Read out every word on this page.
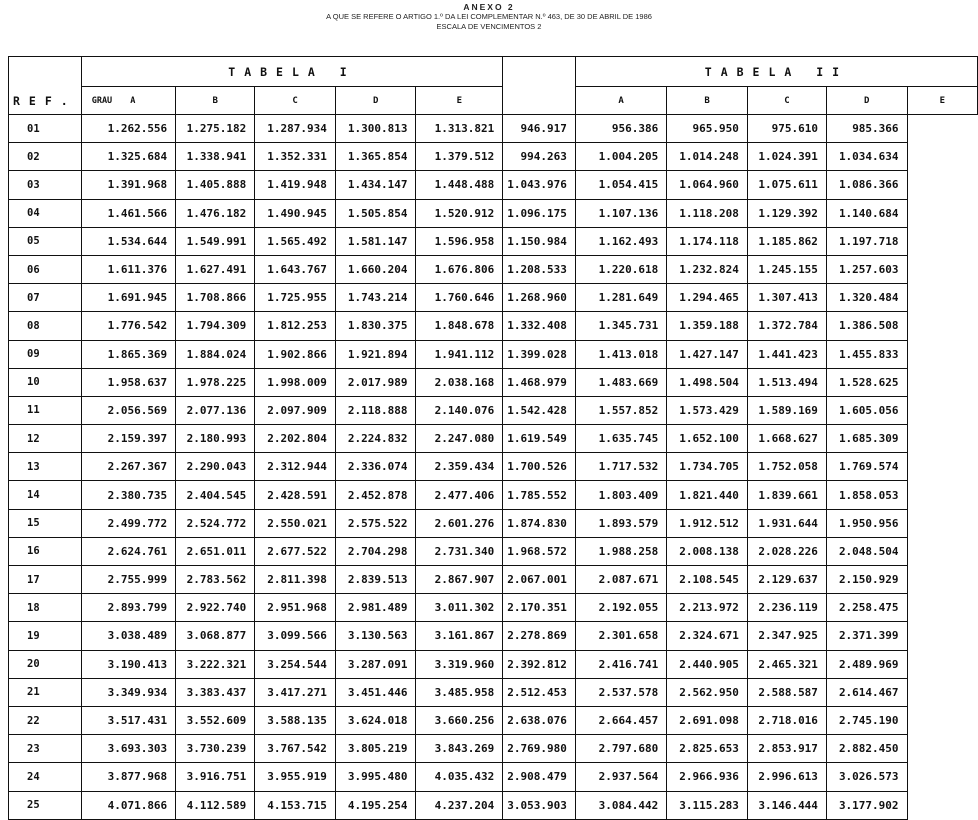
ANEXO 2
A QUE SE REFERE O ARTIGO 1.º DA LEI COMPLEMENTAR N.º 463, DE 30 DE ABRIL DE 1986
ESCALA DE VENCIMENTOS 2
REF.	TABELA I						TABELA II				
	GRAU A	B	C	D	E		A	B	C	D	E
01	1.262.556	1.275.182	1.287.934	1.300.813	1.313.821	946.917	956.386	965.950	975.610	985.366	
02	1.325.684	1.338.941	1.352.331	1.365.854	1.379.512	994.263	1.004.205	1.014.248	1.024.391	1.034.634	
03	1.391.968	1.405.888	1.419.948	1.434.147	1.448.488	1.043.976	1.054.415	1.064.960	1.075.611	1.086.366	
04	1.461.566	1.476.182	1.490.945	1.505.854	1.520.912	1.096.175	1.107.136	1.118.208	1.129.392	1.140.684	
05	1.534.644	1.549.991	1.565.492	1.581.147	1.596.958	1.150.984	1.162.493	1.174.118	1.185.862	1.197.718	
06	1.611.376	1.627.491	1.643.767	1.660.204	1.676.806	1.208.533	1.220.618	1.232.824	1.245.155	1.257.603	
07	1.691.945	1.708.866	1.725.955	1.743.214	1.760.646	1.268.960	1.281.649	1.294.465	1.307.413	1.320.484	
08	1.776.542	1.794.309	1.812.253	1.830.375	1.848.678	1.332.408	1.345.731	1.359.188	1.372.784	1.386.508	
09	1.865.369	1.884.024	1.902.866	1.921.894	1.941.112	1.399.028	1.413.018	1.427.147	1.441.423	1.455.833	
10	1.958.637	1.978.225	1.998.009	2.017.989	2.038.168	1.468.979	1.483.669	1.498.504	1.513.494	1.528.625	
11	2.056.569	2.077.136	2.097.909	2.118.888	2.140.076	1.542.428	1.557.852	1.573.429	1.589.169	1.605.056	
12	2.159.397	2.180.993	2.202.804	2.224.832	2.247.080	1.619.549	1.635.745	1.652.100	1.668.627	1.685.309	
13	2.267.367	2.290.043	2.312.944	2.336.074	2.359.434	1.700.526	1.717.532	1.734.705	1.752.058	1.769.574	
14	2.380.735	2.404.545	2.428.591	2.452.878	2.477.406	1.785.552	1.803.409	1.821.440	1.839.661	1.858.053	
15	2.499.772	2.524.772	2.550.021	2.575.522	2.601.276	1.874.830	1.893.579	1.912.512	1.931.644	1.950.956	
16	2.624.761	2.651.011	2.677.522	2.704.298	2.731.340	1.968.572	1.988.258	2.008.138	2.028.226	2.048.504	
17	2.755.999	2.783.562	2.811.398	2.839.513	2.867.907	2.067.001	2.087.671	2.108.545	2.129.637	2.150.929	
18	2.893.799	2.922.740	2.951.968	2.981.489	3.011.302	2.170.351	2.192.055	2.213.972	2.236.119	2.258.475	
19	3.038.489	3.068.877	3.099.566	3.130.563	3.161.867	2.278.869	2.301.658	2.324.671	2.347.925	2.371.399	
20	3.190.413	3.222.321	3.254.544	3.287.091	3.319.960	2.392.812	2.416.741	2.440.905	2.465.321	2.489.969	
21	3.349.934	3.383.437	3.417.271	3.451.446	3.485.958	2.512.453	2.537.578	2.562.950	2.588.587	2.614.467	
22	3.517.431	3.552.609	3.588.135	3.624.018	3.660.256	2.638.076	2.664.457	2.691.098	2.718.016	2.745.190	
23	3.693.303	3.730.239	3.767.542	3.805.219	3.843.269	2.769.980	2.797.680	2.825.653	2.853.917	2.882.450	
24	3.877.968	3.916.751	3.955.919	3.995.480	4.035.432	2.908.479	2.937.564	2.966.936	2.996.613	3.026.573	
25	4.071.866	4.112.589	4.153.715	4.195.254	4.237.204	3.053.903	3.084.442	3.115.283	3.146.444	3.177.902	
